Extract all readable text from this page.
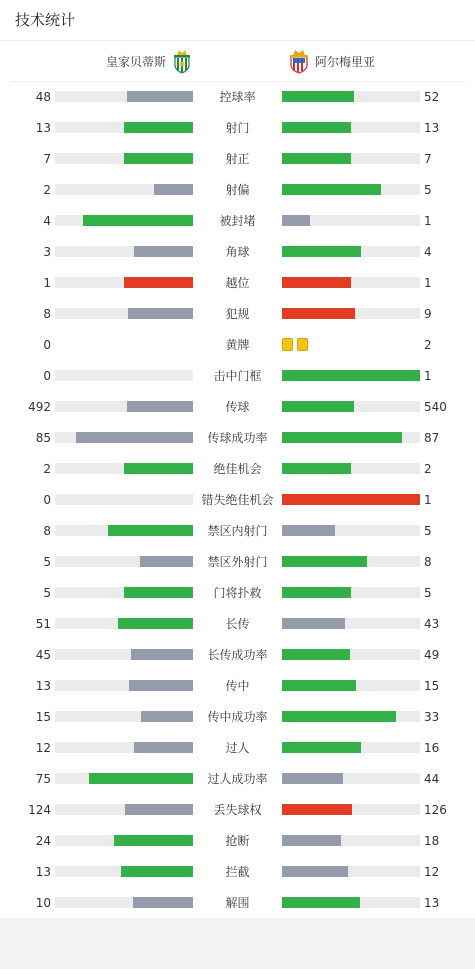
技术统计
皇家贝蒂斯	阿尔梅里亚
48	控球率	52
13	射门	13
7	射正	7
2	射偏	5
4	被封堵	1
3	角球	4
1	越位	1
8	犯规	9
0	黄牌	2
0	击中门框	1
492	传球	540
85	传球成功率	87
2	绝佳机会	2
0	错失绝佳机会	1
8	禁区内射门	5
5	禁区外射门	8
5	门将扑救	5
51	长传	43
45	长传成功率	49
13	传中	15
15	传中成功率	33
12	过人	16
75	过人成功率	44
124	丢失球权	126
24	抢断	18
13	拦截	12
10	解围	13
